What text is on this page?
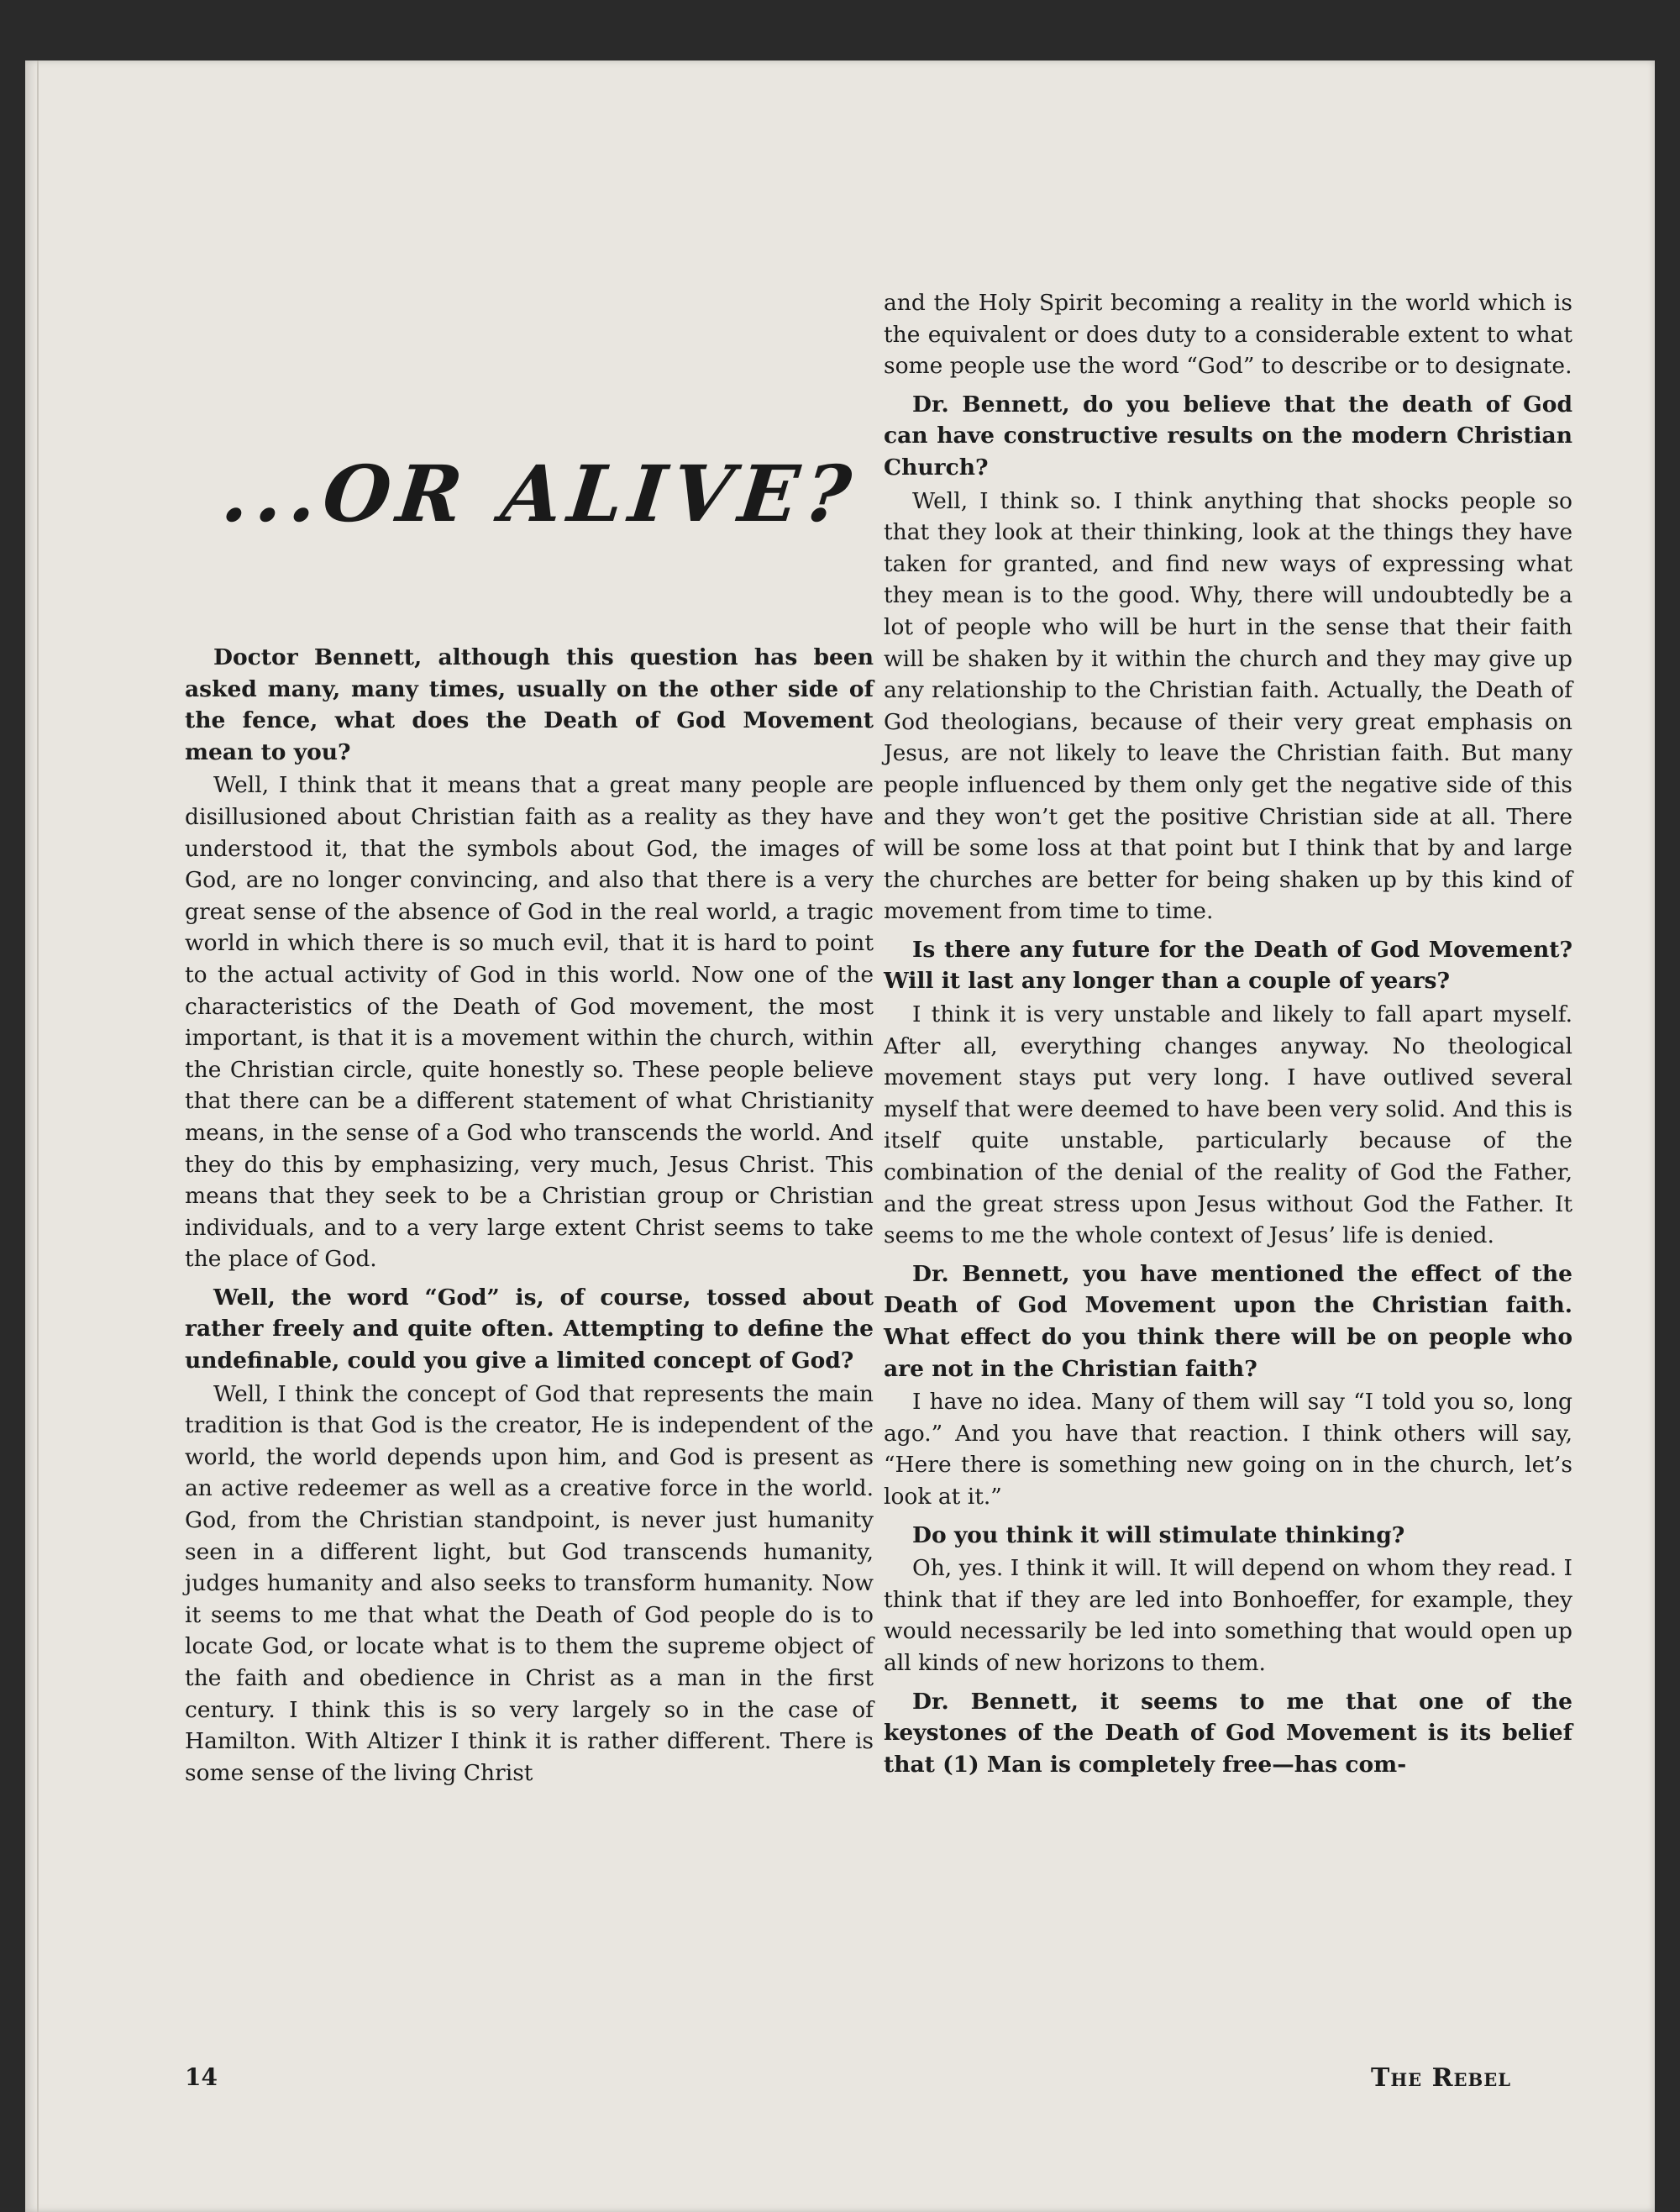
...OR ALIVE?

Doctor Bennett, although this question has been asked many, many times, usually on the other side of the fence, what does the Death of God Movement mean to you?

Well, I think that it means that a great many people are disillusioned about Christian faith as a reality as they have understood it, that the symbols about God, the images of God, are no longer convincing, and also that there is a very great sense of the absence of God in the real world, a tragic world in which there is so much evil, that it is hard to point to the actual activity of God in this world. Now one of the characteristics of the Death of God movement, the most important, is that it is a movement within the church, within the Christian circle, quite honestly so. These people believe that there can be a different statement of what Christianity means, in the sense of a God who transcends the world. And they do this by emphasizing, very much, Jesus Christ. This means that they seek to be a Christian group or Christian individuals, and to a very large extent Christ seems to take the place of God.

Well, the word “God” is, of course, tossed about rather freely and quite often. Attempting to define the undefinable, could you give a limited concept of God?

Well, I think the concept of God that represents the main tradition is that God is the creator, He is independent of the world, the world depends upon him, and God is present as an active redeemer as well as a creative force in the world. God, from the Christian standpoint, is never just humanity seen in a different light, but God transcends humanity, judges humanity and also seeks to transform humanity. Now it seems to me that what the Death of God people do is to locate God, or locate what is to them the supreme object of the faith and obedience in Christ as a man in the first century. I think this is so very largely so in the case of Hamilton. With Altizer I think it is rather different. There is some sense of the living Christ

and the Holy Spirit becoming a reality in the world which is the equivalent or does duty to a considerable extent to what some people use the word “God” to describe or to designate.

Dr. Bennett, do you believe that the death of God can have constructive results on the modern Christian Church?

Well, I think so. I think anything that shocks people so that they look at their thinking, look at the things they have taken for granted, and find new ways of expressing what they mean is to the good. Why, there will undoubtedly be a lot of people who will be hurt in the sense that their faith will be shaken by it within the church and they may give up any relationship to the Christian faith. Actually, the Death of God theologians, because of their very great emphasis on Jesus, are not likely to leave the Christian faith. But many people influenced by them only get the negative side of this and they won’t get the positive Christian side at all. There will be some loss at that point but I think that by and large the churches are better for being shaken up by this kind of movement from time to time.

Is there any future for the Death of God Movement? Will it last any longer than a couple of years?

I think it is very unstable and likely to fall apart myself. After all, everything changes anyway. No theological movement stays put very long. I have outlived several myself that were deemed to have been very solid. And this is itself quite unstable, particularly because of the combination of the denial of the reality of God the Father, and the great stress upon Jesus without God the Father. It seems to me the whole context of Jesus’ life is denied.

Dr. Bennett, you have mentioned the effect of the Death of God Movement upon the Christian faith. What effect do you think there will be on people who are not in the Christian faith?

I have no idea. Many of them will say “I told you so, long ago.” And you have that reaction. I think others will say, “Here there is something new going on in the church, let’s look at it.”

Do you think it will stimulate thinking?

Oh, yes. I think it will. It will depend on whom they read. I think that if they are led into Bonhoeffer, for example, they would necessarily be led into something that would open up all kinds of new horizons to them.

Dr. Bennett, it seems to me that one of the keystones of the Death of God Movement is its belief that (1) Man is completely free—has com-

14	The Rebel
